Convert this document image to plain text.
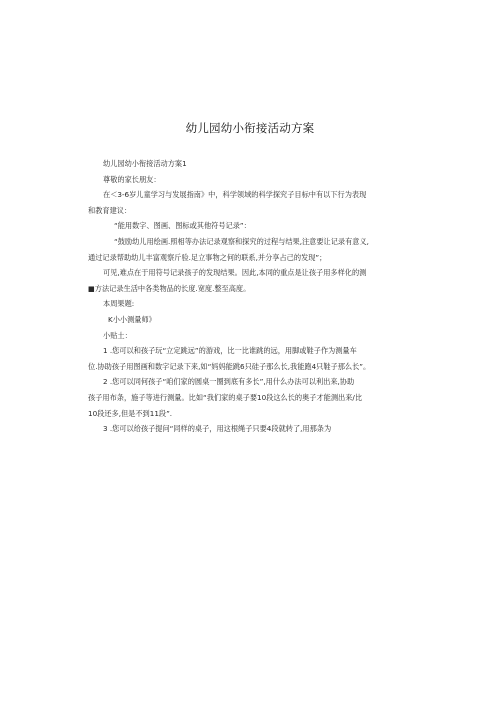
幼儿园幼小衔接活动方案

幼儿园幼小衔接活动方案1

尊敬的家长朋友：

在＜3-6岁儿童学习与发展指南》中，科学领域的科学探究子目标中有以下行为表现

和教育建议：

“能用数字、图画、图标或其他符号记录”：

“鼓励幼儿用绘画.照相等办法记录观察和探究的过程与结果,注意要让记录有意义,

通过记录帮助幼儿丰富观察斤验.足立事物之何的联系,并分享占己的发现”；

可见,难点在于用符号记录孩子的发现结果。因此,本同的重点是让孩子用多样化的测

■方法记录生活中各类物品的长度.宽度.整至高度。

本周果题:

K小小测量师》

小贴土：

1 .您可以和孩子玩“立定跳远”的游戏，比一比谁跳的远，用脚或鞋子作为测量车

位.协助孩子用图画和数字记录下来,如“妈妈能跳6只硅子那么长,我能跑4只鞋子那么长”。

2 .您可以同何孩子“咱们家的圆桌一圈到底有多长”,用什么办法可以利出来,协助

孩子用布条，施子等进行测量。比如“我们家的桌子要10段这么长的奥子才能测出来/比

10段还多,但是不到11段”.

3 .您可以给孩子提问“同样的桌子，用这根绳子只要4段就转了,用那条为
